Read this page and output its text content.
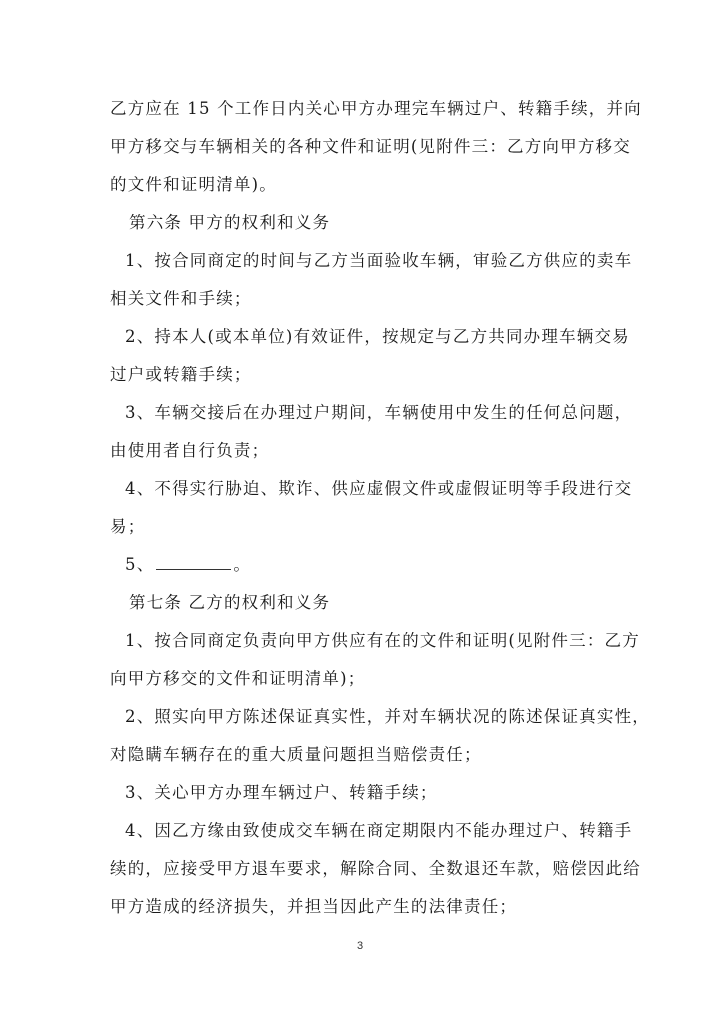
乙方应在 15 个工作日内关心甲方办理完车辆过户、转籍手续，并向
甲方移交与车辆相关的各种文件和证明(见附件三：乙方向甲方移交
的文件和证明清单)。
第六条 甲方的权利和义务
1、按合同商定的时间与乙方当面验收车辆，审验乙方供应的卖车
相关文件和手续；
2、持本人(或本单位)有效证件，按规定与乙方共同办理车辆交易
过户或转籍手续；
3、车辆交接后在办理过户期间，车辆使用中发生的任何总问题，
由使用者自行负责；
4、不得实行胁迫、欺诈、供应虚假文件或虚假证明等手段进行交
易；
5、	。
第七条 乙方的权利和义务
1、按合同商定负责向甲方供应有在的文件和证明(见附件三：乙方
向甲方移交的文件和证明清单)；
2、照实向甲方陈述保证真实性，并对车辆状况的陈述保证真实性，
对隐瞒车辆存在的重大质量问题担当赔偿责任；
3、关心甲方办理车辆过户、转籍手续；
4、因乙方缘由致使成交车辆在商定期限内不能办理过户、转籍手
续的，应接受甲方退车要求，解除合同、全数退还车款，赔偿因此给
甲方造成的经济损失，并担当因此产生的法律责任；
3
